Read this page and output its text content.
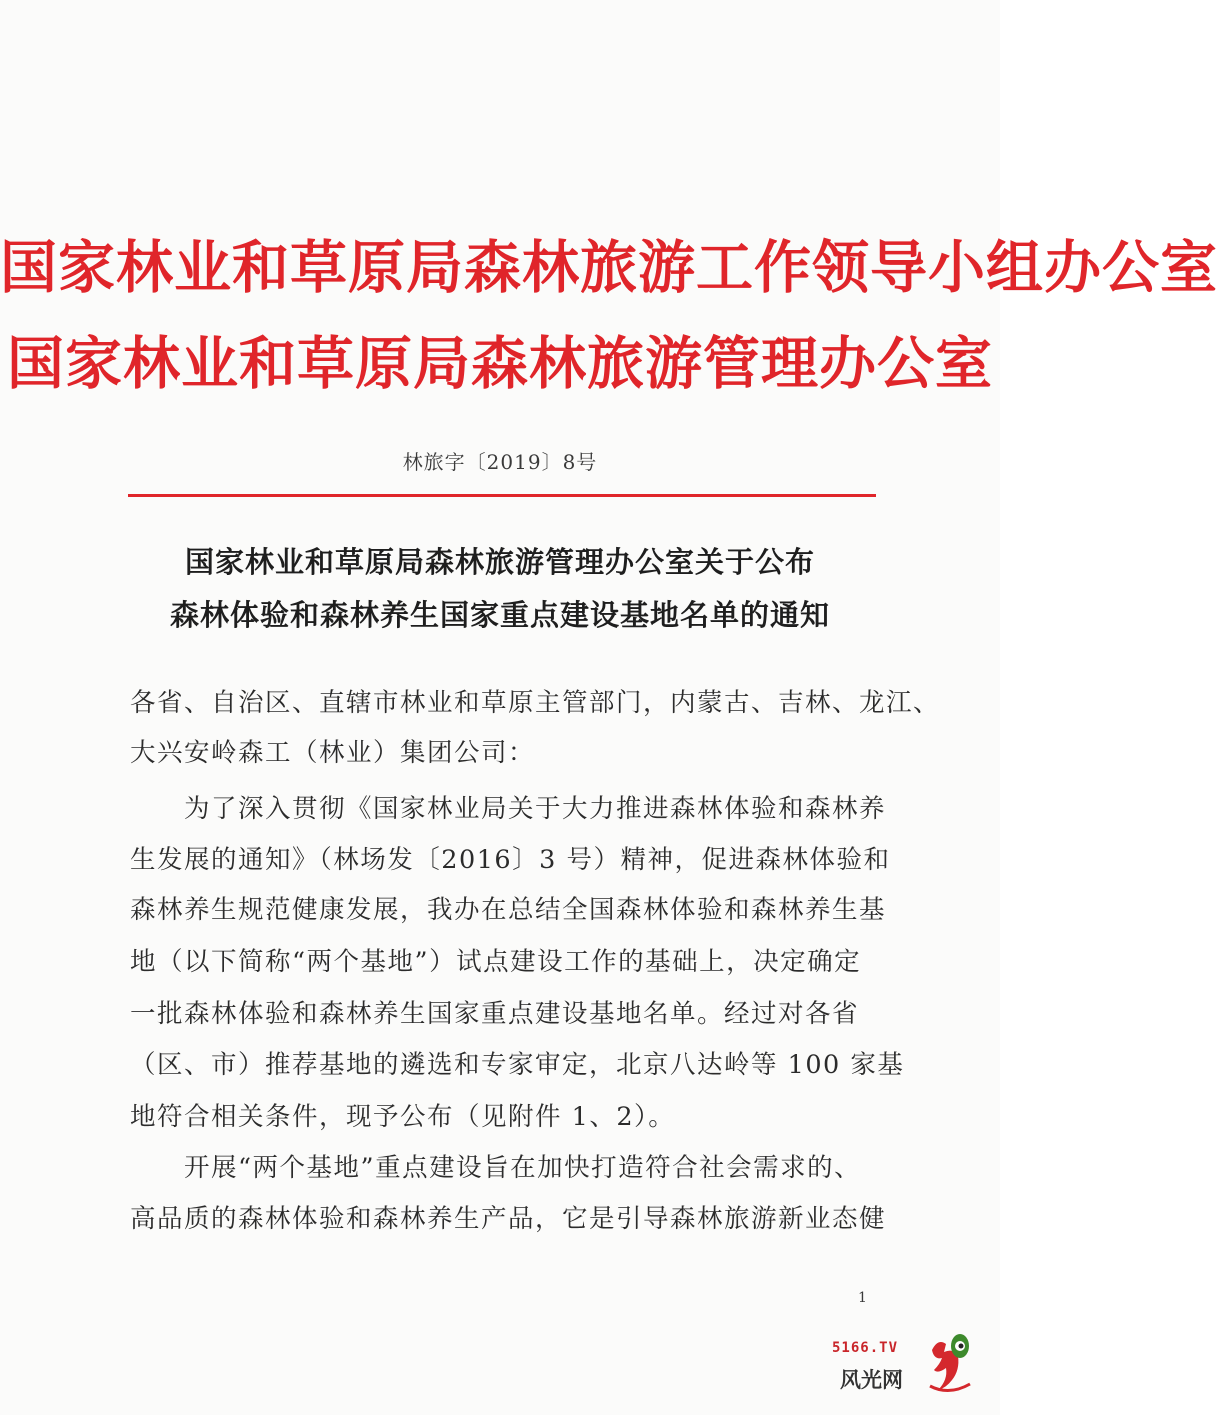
国家林业和草原局森林旅游工作领导小组办公室
国家林业和草原局森林旅游管理办公室
林旅字〔2019〕8号
国家林业和草原局森林旅游管理办公室关于公布
森林体验和森林养生国家重点建设基地名单的通知
各省、自治区、直辖市林业和草原主管部门，内蒙古、吉林、龙江、
大兴安岭森工（林业）集团公司：
　　为了深入贯彻《国家林业局关于大力推进森林体验和森林养
生发展的通知》（林场发〔2016〕3 号）精神，促进森林体验和
森林养生规范健康发展，我办在总结全国森林体验和森林养生基
地（以下简称“两个基地”）试点建设工作的基础上，决定确定
一批森林体验和森林养生国家重点建设基地名单。经过对各省
（区、市）推荐基地的遴选和专家审定，北京八达岭等 100 家基
地符合相关条件，现予公布（见附件 1、2）。
　　开展“两个基地”重点建设旨在加快打造符合社会需求的、
高品质的森林体验和森林养生产品，它是引导森林旅游新业态健
1
5166.TV
风光网
